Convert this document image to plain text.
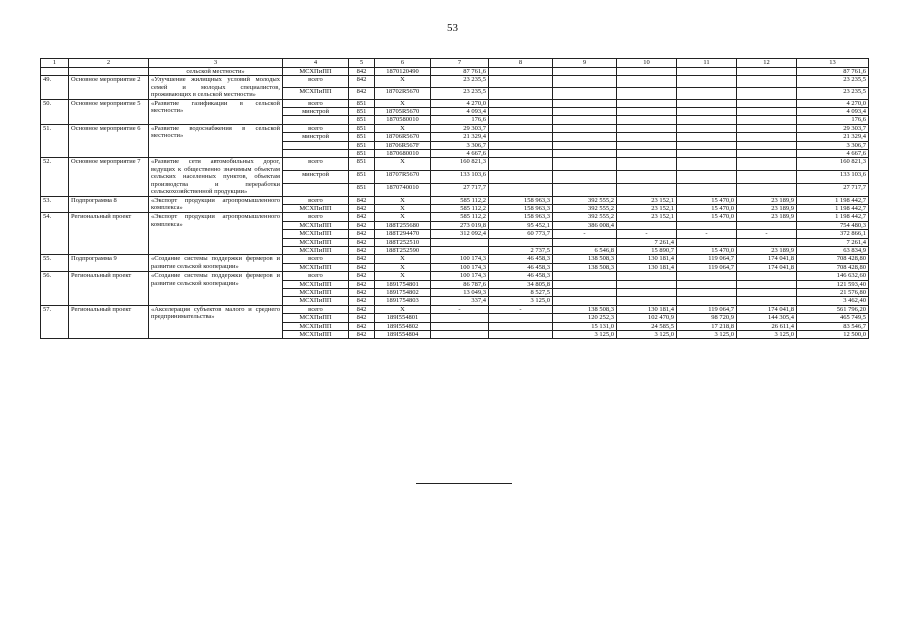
53
1	2	3	4	5	6	7	8	9	10	11	12	13
		сельской местности»	МСХПиПП	842	1870120490	87 761,6						87 761,6
49.	Основное мероприятие 2	«Улучшение жилищных условий молодых семей и молодых специалистов, проживающих в сельской местности»	всего	842	X	23 235,5						23 235,5
			МСХПиПП	842	18702R5670	23 235,5						23 235,5
50.	Основное мероприятие 5	«Развитие газификации в сельской местности»	всего	851	X	4 270,0						4 270,0
			минстрой	851	18705R5670	4 093,4						4 093,4
				851	1870580010	176,6						176,6
51.	Основное мероприятие 6	«Развитие водоснабжения в сельской местности»	всего	851	X	29 303,7						29 303,7
			минстрой	851	18706R5670	21 329,4						21 329,4
				851	18706R567F	3 306,7						3 306,7
				851	1870680010	4 667,6						4 667,6
52.	Основное мероприятие 7	«Развитие сети автомобильных дорог, ведущих к общественно значимым объектам сельских населенных пунктов, объектам производства и переработки сельскохозяйственной продукции»	всего	851	X	160 821,3						160 821,3
			минстрой	851	18707R5670	133 103,6						133 103,6
				851	1870740010	27 717,7						27 717,7
53.	Подпрограмма 8	«Экспорт продукции агропромышленного комплекса»	всего	842	X	585 112,2	158 963,3	392 555,2	23 152,1	15 470,0	23 189,9	1 198 442,7
			МСХПиПП	842	X	585 112,2	158 963,3	392 555,2	23 152,1	15 470,0	23 189,9	1 198 442,7
54.	Региональный проект	«Экспорт продукции агропромышленного комплекса»	всего	842	X	585 112,2	158 963,3	392 555,2	23 152,1	15 470,0	23 189,9	1 198 442,7
			МСХПиПП	842	188T255680	273 019,8	95 452,1	386 008,4				754 480,3
			МСХПиПП	842	188T294470	312 092,4	60 773,7	-	-	-	-	372 866,1
			МСХПиПП	842	188T252510				7 261,4			7 261,4
			МСХПиПП	842	188T252590		2 737,5	6 546,8	15 890,7	15 470,0	23 189,9	63 834,9
55.	Подпрограмма 9	«Создание системы поддержки фермеров и развитие сельской кооперации»	всего	842	X	100 174,3	46 458,3	138 508,3	130 181,4	119 064,7	174 041,8	708 428,80
			МСХПиПП	842	X	100 174,3	46 458,3	138 508,3	130 181,4	119 064,7	174 041,8	708 428,80
56.	Региональный проект	«Создание системы поддержки фермеров и развитие сельской кооперации»	всего	842	X	100 174,3	46 458,3					146 632,60
			МСХПиПП	842	1891754801	86 787,6	34 805,8					121 593,40
			МСХПиПП	842	1891754802	13 049,3	8 527,5					21 576,80
			МСХПиПП	842	1891754803	337,4	3 125,0					3 462,40
57.	Региональный проект	«Акселерация субъектов малого и среднего предпринимательства»	всего	842	X	-	-	138 508,3	130 181,4	119 064,7	174 041,8	561 796,20
			МСХПиПП	842	189I554801			120 252,3	102 470,9	98 720,9	144 305,4	465 749,5
			МСХПиПП	842	189I554802			15 131,0	24 585,5	17 218,8	26 611,4	83 546,7
			МСХПиПП	842	189I554804			3 125,0	3 125,0	3 125,0	3 125,0	12 500,0
